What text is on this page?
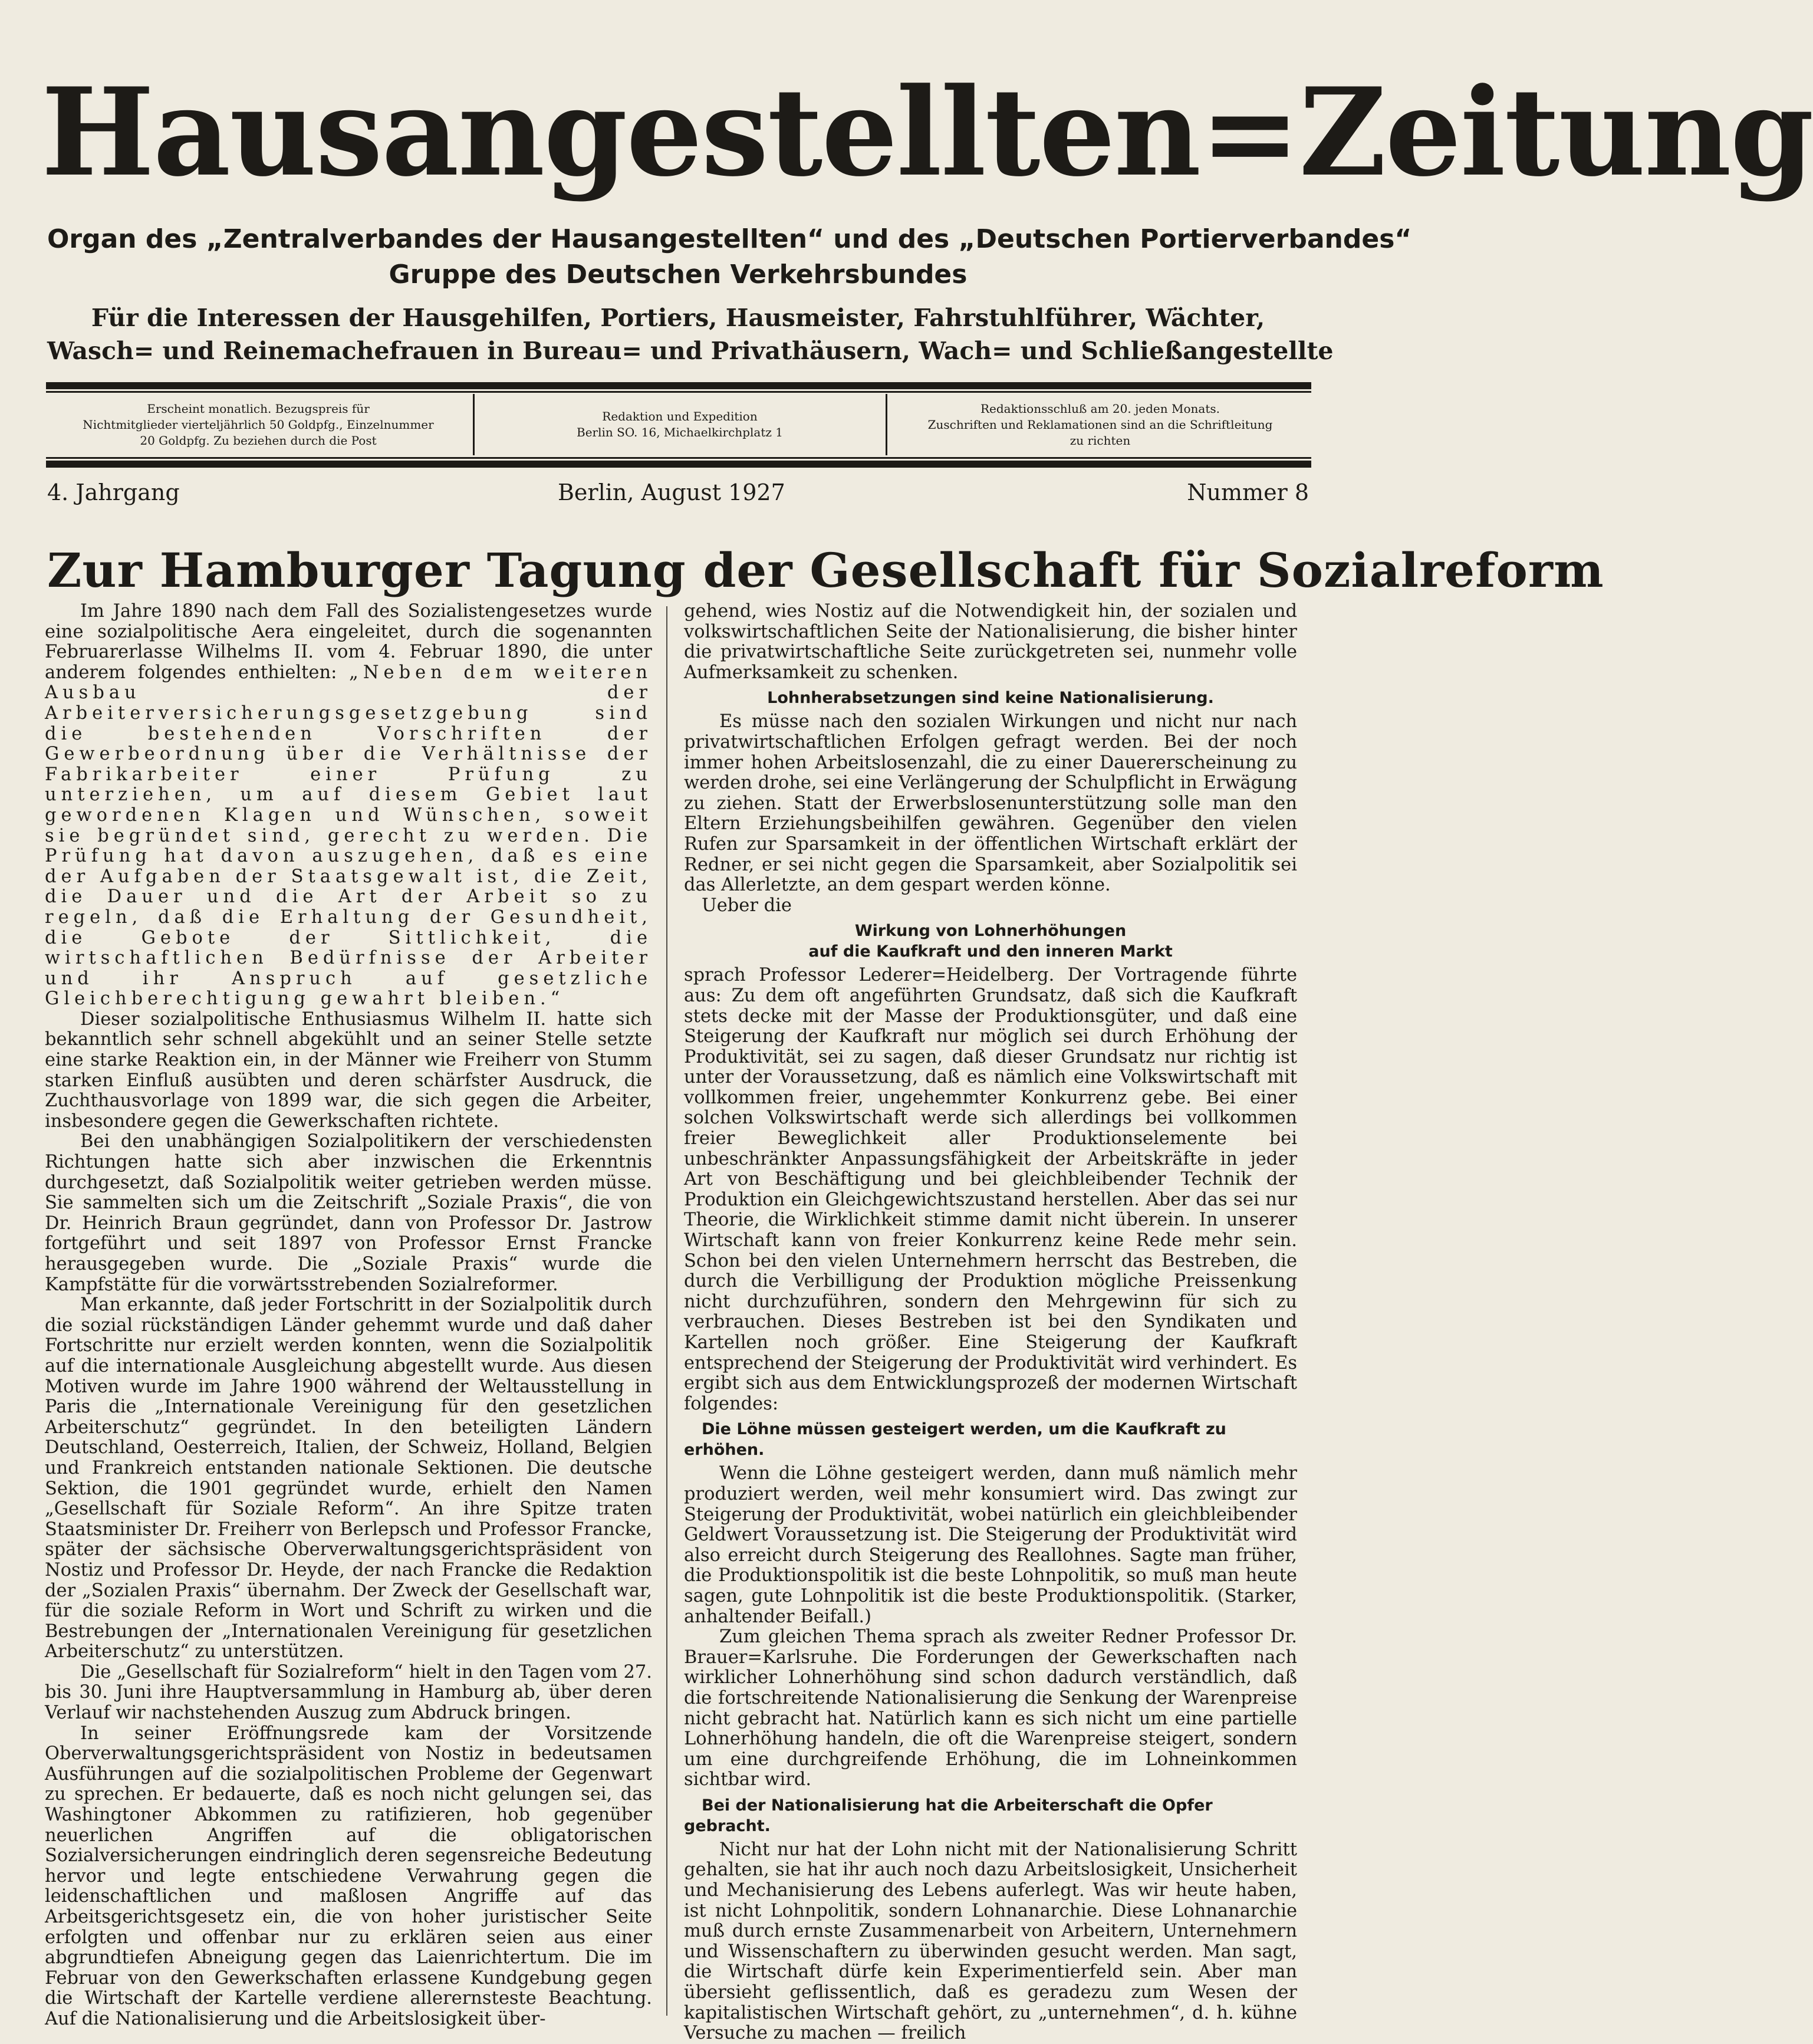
Hausangestellten=Zeitung
Organ des „Zentralverbandes der Hausangestellten“ und des „Deutschen Portierverbandes“
Gruppe des Deutschen Verkehrsbundes
Für die Interessen der Hausgehilfen, Portiers, Hausmeister, Fahrstuhlführer, Wächter,
Wasch= und Reinemachefrauen in Bureau= und Privathäusern, Wach= und Schließangestellte
Erscheint monatlich. Bezugspreis für
Nichtmitglieder vierteljährlich 50 Goldpfg., Einzelnummer
20 Goldpfg. Zu beziehen durch die Post
Redaktion und Expedition
Berlin SO. 16, Michaelkirchplatz 1
Redaktionsschluß am 20. jeden Monats.
Zuschriften und Reklamationen sind an die Schriftleitung
zu richten
4. Jahrgang	Berlin, August 1927	Nummer 8
Zur Hamburger Tagung der Gesellschaft für Sozialreform

Im Jahre 1890 nach dem Fall des Sozialistengesetzes wurde eine sozialpolitische Aera eingeleitet, durch die sogenannten Februarerlasse Wilhelms II. vom 4. Februar 1890, die unter anderem folgendes enthielten: „Neben dem weiteren Ausbau der Arbeiterversicherungsgesetzgebung sind die bestehenden Vorschriften der Gewerbeordnung über die Verhältnisse der Fabrikarbeiter einer Prüfung zu unterziehen, um auf diesem Gebiet laut gewordenen Klagen und Wünschen, soweit sie begründet sind, gerecht zu werden. Die Prüfung hat davon auszugehen, daß es eine der Aufgaben der Staatsgewalt ist, die Zeit, die Dauer und die Art der Arbeit so zu regeln, daß die Erhaltung der Gesundheit, die Gebote der Sittlichkeit, die wirtschaftlichen Bedürfnisse der Arbeiter und ihr Anspruch auf gesetzliche Gleichberechtigung gewahrt bleiben.“

Dieser sozialpolitische Enthusiasmus Wilhelm II. hatte sich bekanntlich sehr schnell abgekühlt und an seiner Stelle setzte eine starke Reaktion ein, in der Männer wie Freiherr von Stumm starken Einfluß ausübten und deren schärfster Ausdruck, die Zuchthausvorlage von 1899 war, die sich gegen die Arbeiter, insbesondere gegen die Gewerkschaften richtete.

Bei den unabhängigen Sozialpolitikern der verschiedensten Richtungen hatte sich aber inzwischen die Erkenntnis durchgesetzt, daß Sozialpolitik weiter getrieben werden müsse. Sie sammelten sich um die Zeitschrift „Soziale Praxis“, die von Dr. Heinrich Braun gegründet, dann von Professor Dr. Jastrow fortgeführt und seit 1897 von Professor Ernst Francke herausgegeben wurde. Die „Soziale Praxis“ wurde die Kampfstätte für die vorwärtsstrebenden Sozialreformer.

Man erkannte, daß jeder Fortschritt in der Sozialpolitik durch die sozial rückständigen Länder gehemmt wurde und daß daher Fortschritte nur erzielt werden konnten, wenn die Sozialpolitik auf die internationale Ausgleichung abgestellt wurde. Aus diesen Motiven wurde im Jahre 1900 während der Weltausstellung in Paris die „Internationale Vereinigung für den gesetzlichen Arbeiterschutz“ gegründet. In den beteiligten Ländern Deutschland, Oesterreich, Italien, der Schweiz, Holland, Belgien und Frankreich entstanden nationale Sektionen. Die deutsche Sektion, die 1901 gegründet wurde, erhielt den Namen „Gesellschaft für Soziale Reform“. An ihre Spitze traten Staatsminister Dr. Freiherr von Berlepsch und Professor Francke, später der sächsische Oberverwaltungsgerichtspräsident von Nostiz und Professor Dr. Heyde, der nach Francke die Redaktion der „Sozialen Praxis“ übernahm. Der Zweck der Gesellschaft war, für die soziale Reform in Wort und Schrift zu wirken und die Bestrebungen der „Internationalen Vereinigung für gesetzlichen Arbeiterschutz“ zu unterstützen.

Die „Gesellschaft für Sozialreform“ hielt in den Tagen vom 27. bis 30. Juni ihre Hauptversammlung in Hamburg ab, über deren Verlauf wir nachstehenden Auszug zum Abdruck bringen.

In seiner Eröffnungsrede kam der Vorsitzende Oberverwaltungsgerichtspräsident von Nostiz in bedeutsamen Ausführungen auf die sozialpolitischen Probleme der Gegenwart zu sprechen. Er bedauerte, daß es noch nicht gelungen sei, das Washingtoner Abkommen zu ratifizieren, hob gegenüber neuerlichen Angriffen auf die obligatorischen Sozialversicherungen eindringlich deren segensreiche Bedeutung hervor und legte entschiedene Verwahrung gegen die leidenschaftlichen und maßlosen Angriffe auf das Arbeitsgerichtsgesetz ein, die von hoher juristischer Seite erfolgten und offenbar nur zu erklären seien aus einer abgrundtiefen Abneigung gegen das Laienrichtertum. Die im Februar von den Gewerkschaften erlassene Kundgebung gegen die Wirtschaft der Kartelle verdiene allerernsteste Beachtung. Auf die Nationalisierung und die Arbeitslosigkeit über-

gehend, wies Nostiz auf die Notwendigkeit hin, der sozialen und volkswirtschaftlichen Seite der Nationalisierung, die bisher hinter die privatwirtschaftliche Seite zurückgetreten sei, nunmehr volle Aufmerksamkeit zu schenken.

Lohnherabsetzungen sind keine Nationalisierung.

Es müsse nach den sozialen Wirkungen und nicht nur nach privatwirtschaftlichen Erfolgen gefragt werden. Bei der noch immer hohen Arbeitslosenzahl, die zu einer Dauererscheinung zu werden drohe, sei eine Verlängerung der Schulpflicht in Erwägung zu ziehen. Statt der Erwerbslosenunterstützung solle man den Eltern Erziehungsbeihilfen gewähren. Gegenüber den vielen Rufen zur Sparsamkeit in der öffentlichen Wirtschaft erklärt der Redner, er sei nicht gegen die Sparsamkeit, aber Sozialpolitik sei das Allerletzte, an dem gespart werden könne.

Ueber die

Wirkung von Lohnerhöhungen
auf die Kaufkraft und den inneren Markt

sprach Professor Lederer=Heidelberg. Der Vortragende führte aus: Zu dem oft angeführten Grundsatz, daß sich die Kaufkraft stets decke mit der Masse der Produktionsgüter, und daß eine Steigerung der Kaufkraft nur möglich sei durch Erhöhung der Produktivität, sei zu sagen, daß dieser Grundsatz nur richtig ist unter der Voraussetzung, daß es nämlich eine Volkswirtschaft mit vollkommen freier, ungehemmter Konkurrenz gebe. Bei einer solchen Volkswirtschaft werde sich allerdings bei vollkommen freier Beweglichkeit aller Produktionselemente bei unbeschränkter Anpassungsfähigkeit der Arbeitskräfte in jeder Art von Beschäftigung und bei gleichbleibender Technik der Produktion ein Gleichgewichtszustand herstellen. Aber das sei nur Theorie, die Wirklichkeit stimme damit nicht überein. In unserer Wirtschaft kann von freier Konkurrenz keine Rede mehr sein. Schon bei den vielen Unternehmern herrscht das Bestreben, die durch die Verbilligung der Produktion mögliche Preissenkung nicht durchzuführen, sondern den Mehrgewinn für sich zu verbrauchen. Dieses Bestreben ist bei den Syndikaten und Kartellen noch größer. Eine Steigerung der Kaufkraft entsprechend der Steigerung der Produktivität wird verhindert. Es ergibt sich aus dem Entwicklungsprozeß der modernen Wirtschaft folgendes:

Die Löhne müssen gesteigert werden, um die Kaufkraft zu erhöhen.

Wenn die Löhne gesteigert werden, dann muß nämlich mehr produziert werden, weil mehr konsumiert wird. Das zwingt zur Steigerung der Produktivität, wobei natürlich ein gleichbleibender Geldwert Voraussetzung ist. Die Steigerung der Produktivität wird also erreicht durch Steigerung des Reallohnes. Sagte man früher, die Produktionspolitik ist die beste Lohnpolitik, so muß man heute sagen, gute Lohnpolitik ist die beste Produktionspolitik. (Starker, anhaltender Beifall.)

Zum gleichen Thema sprach als zweiter Redner Professor Dr. Brauer=Karlsruhe. Die Forderungen der Gewerkschaften nach wirklicher Lohnerhöhung sind schon dadurch verständlich, daß die fortschreitende Nationalisierung die Senkung der Warenpreise nicht gebracht hat. Natürlich kann es sich nicht um eine partielle Lohnerhöhung handeln, die oft die Warenpreise steigert, sondern um eine durchgreifende Erhöhung, die im Lohneinkommen sichtbar wird.

Bei der Nationalisierung hat die Arbeiterschaft die Opfer gebracht.

Nicht nur hat der Lohn nicht mit der Nationalisierung Schritt gehalten, sie hat ihr auch noch dazu Arbeitslosigkeit, Unsicherheit und Mechanisierung des Lebens auferlegt. Was wir heute haben, ist nicht Lohnpolitik, sondern Lohnanarchie. Diese Lohnanarchie muß durch ernste Zusammenarbeit von Arbeitern, Unternehmern und Wissenschaftern zu überwinden gesucht werden. Man sagt, die Wirtschaft dürfe kein Experimentierfeld sein. Aber man übersieht geflissentlich, daß es geradezu zum Wesen der kapitalistischen Wirtschaft gehört, zu „unternehmen“, d. h. kühne Versuche zu machen — freilich
